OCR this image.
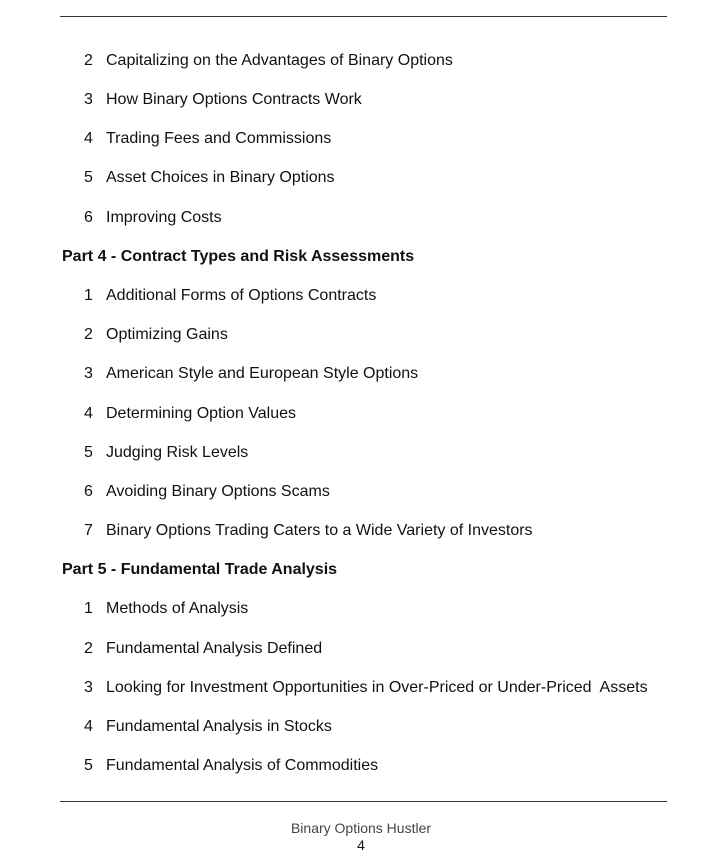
2 Capitalizing on the Advantages of Binary Options
3 How Binary Options Contracts Work
4 Trading Fees and Commissions
5 Asset Choices in Binary Options
6 Improving Costs
Part 4 - Contract Types and Risk Assessments
1 Additional Forms of Options Contracts
2 Optimizing Gains
3 American Style and European Style Options
4 Determining Option Values
5 Judging Risk Levels
6 Avoiding Binary Options Scams
7 Binary Options Trading Caters to a Wide Variety of Investors
Part 5 - Fundamental Trade Analysis
1 Methods of Analysis
2 Fundamental Analysis Defined
3 Looking for Investment Opportunities in Over-Priced or Under-Priced  Assets
4 Fundamental Analysis in Stocks
5 Fundamental Analysis of Commodities
Binary Options Hustler
4
